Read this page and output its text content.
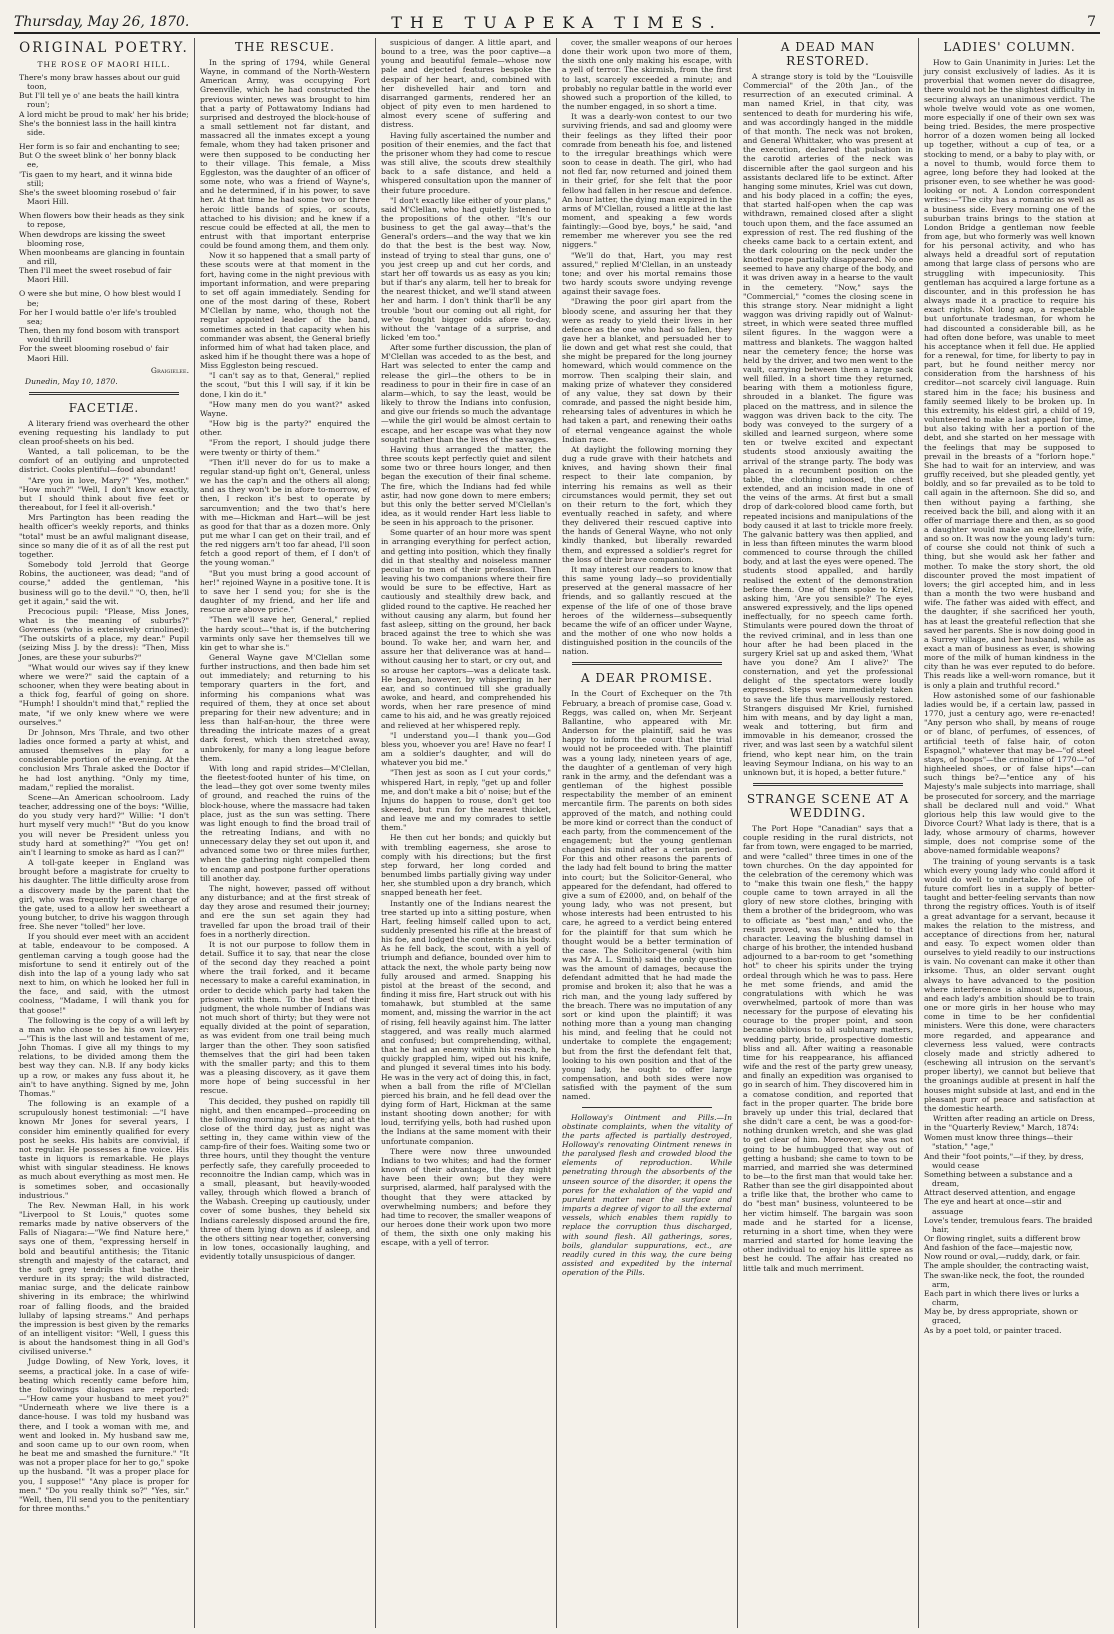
Thursday, May 26, 1870.	THE TUAPEKA TIMES.	7
ORIGINAL POETRY.
THE ROSE OF MAORI HILL.

There's mony braw hasses about our guid toon,

But I'll tell ye o' ane beats the haill kintra roun';

A lord micht be proud to mak' her his bride;

She's the bonniest lass in the haill kintra side.

Her form is so fair and enchanting to see;

But O the sweet blink o' her bonny black ee,

'Tis gaen to my heart, and it winna bide still;

She's the sweet blooming rosebud o' fair Maori Hill.

When flowers bow their heads as they sink to repose,

When dewdrops are kissing the sweet blooming rose,

When moonbeams are glancing in fountain and rill,

Then I'll meet the sweet rosebud of fair Maori Hill.

O were she but mine, O how blest would I be;

For her I would battle o'er life's troubled sea;

Then, then my fond bosom with transport would thrill

For the sweet blooming rosebud o' fair Maori Hill.

Graigielee.
Dunedin, May 10, 1870.
FACETIÆ.

A literary friend was overheard the other evening requesting his landlady to put clean proof-sheets on his bed.

Wanted, a tall policeman, to be the comfort of an outlying and unprotected district. Cooks plentiful—food abundant!

"Are you in love, Mary?" "Yes, mother." "How much?" "Well, I don't know exactly, but I should think about five feet or thereabout, for I feel it all-overish."

Mrs Partington has been reading the health officer's weekly reports, and thinks "total" must be an awful malignant disease, since so many die of it as of all the rest put together.

Somebody told Jerrold that George Robins, the auctioneer, was dead; "and of course," added the gentleman, "his business will go to the devil." "O, then, he'll get it again," said the wit.

Precocious pupil: "Please, Miss Jones, what is the meaning of suburbs?" Governess (who is extensively crinolined): "The outskirts of a place, my dear." Pupil (seizing Miss J. by the dress): "Then, Miss Jones, are these your suburbs?"

"What would our wives say if they knew where we were?" said the captain of a schooner, when they were beating about in a thick fog, fearful of going on shore. "Humph! I shouldn't mind that," replied the mate, "if we only knew where we were ourselves."

Dr Johnson, Mrs Thrale, and two other ladies once formed a party at whist, and amused themselves in play for a considerable portion of the evening. At the conclusion Mrs Thrale asked the Doctor if he had lost anything. "Only my time, madam," replied the moralist.

Scene—An American schoolroom. Lady teacher, addressing one of the boys: "Willie, do you study very hard?" Willie: "I don't hurt myself very much!" "But do you know you will never be President unless you study hard at something?" "You get on! ain't I learning to smoke as hard as I can?"

A toll-gate keeper in England was brought before a magistrate for cruelty to his daughter. The little difficulty arose from a discovery made by the parent that the girl, who was frequently left in charge of the gate, used to a allow her sweetheart a young butcher, to drive his waggon through free. She never "tolled" her love.

If you should ever meet with an accident at table, endeavour to be composed. A gentleman carving a tough goose had the misfortune to send it entirely out of the dish into the lap of a young lady who sat next to him, on which he looked her full in the face, and said, with the utmost coolness, "Madame, I will thank you for that goose!"

The following is the copy of a will left by a man who chose to be his own lawyer:—"This is the last will and testament of me, John Thomas. I give all my things to my relations, to be divided among them the best way they can. N.B. If any body kicks up a row, or makes any fuss about it, he ain't to have anything. Signed by me, John Thomas."

The following is an example of a scrupulously honest testimonial: —"I have known Mr Jones for several years, I consider him eminently qualified for every post he seeks. His habits are convivial, if not regular. He possesses a fine voice. His taste in liquors is remarkable. He plays whist with singular steadiness. He knows as much about everything as most men. He is sometimes sober, and occasionally industrious."

The Rev. Newman Hall, in his work "Liverpool to St Louis," quotes some remarks made by native observers of the Falls of Niagara:—"We find Nature here," says one of them, "expressing herself in bold and beautiful antithesis; the Titanic strength and majesty of the cataract, and the soft grey tendrils that bathe their verdure in its spray; the wild distracted, maniac surge, and the delicate rainbow shivering in its embrace; the whirlwind roar of falling floods, and the braided lullaby of lapsing streams." And perhaps the impression is best given by the remarks of an intelligent visitor: "Well, I guess this is about the handsomest thing in all God's civilised universe."

Judge Dowling, of New York, loves, it seems, a practical joke. In a case of wife-beating which recently came before him, the followings dialogues are reported:—"How came your husband to meet you?" "Underneath where we live there is a dance-house. I was told my husband was there, and I took a woman with me, and went and looked in. My husband saw me, and soon came up to our own room, when he beat me and smashed the furniture." "It was not a proper place for her to go," spoke up the husband. "It was a proper place for you, I suppose!" "Any place is proper for men." "Do you really think so?" "Yes, sir." "Well, then, I'll send you to the penitentiary for three months."

THE RESCUE.

In the spring of 1794, while General Wayne, in command of the North-Western American Army, was occupying Fort Greenville, which he had constructed the previous winter, news was brought to him that a party of Pottawatomy Indians had surprised and destroyed the block-house of a small settlement not far distant, and massacred all the inmates except a young female, whom they had taken prisoner and were then supposed to be conducting her to their village. This female, a Miss Eggleston, was the daughter of an officer of some note, who was a friend of Wayne's, and he determined, if in his power, to save her. At that time he had some two or three heroic little bands of spies, or scouts, attached to his division; and he knew if a rescue could be effected at all, the men to entrust with that important enterprise could be found among them, and them only.

Now it so happened that a small party of these scouts were at that moment in the fort, having come in the night previous with important information, and were preparing to set off again immediately. Sending for one of the most daring of these, Robert M'Clellan by name, who, though not the regular appointed leader of the band, sometimes acted in that capacity when his commander was absent, the General briefly informed him of what had taken place, and asked him if he thought there was a hope of Miss Eggleston being rescued.

"I can't say as to that, General," replied the scout, "but this I will say, if it kin be done, I kin do it."

"How many men do you want?" asked Wayne.

"How big is the party?" enquired the other.

"From the report, I should judge there were twenty or thirty of them."

"Then it'll never do for us to make a regular stand-up fight on't, General, unless we has the cap'n and the others all along; and as they won't be in afore to-morrow, ef then, I reckon it's best to operate by sarcumvention; and the two that's here with me—Hickman and Hart—will be jest as good for that thar as a dozen more. Only put me whar I can get on their trail, and ef the red niggers arn't too far ahead, I'll soon fetch a good report of them, ef I don't of the young woman."

"But you must bring a good account of her!" rejoined Wayne in a positive tone. It is to save her I send you; for she is the daughter of my friend, and her life and rescue are above price."

"Then we'll save her, General," replied the hardy scout—"that is, if the butchering varmints only save her themselves till we kin get to whar she is."

General Wayne gave M'Clellan some further instructions, and then bade him set out immediately; and returning to his temporary quarters in the fort, and informing his companions what was required of them, they at once set about preparing for their new adventure; and in less than half-an-hour, the three were threading the intricate mazes of a great dark forest, which then stretched away, unbrokenly, for many a long league before them.

With long and rapid strides—M'Clellan, the fleetest-footed hunter of his time, on the lead—they got over some twenty miles of ground, and reached the ruins of the block-house, where the massacre had taken place, just as the sun was setting. There was light enough to find the broad trail of the retreating Indians, and with no unnecessary delay they set out upon it, and advanced some two or three miles further, when the gathering night compelled them to encamp and postpone further operations till another day.

The night, however, passed off without any disturbance; and at the first streak of day they arose and resumed their journey; and ere the sun set again they had travelled far upon the broad trail of their foes in a northerly direction.

It is not our purpose to follow them in detail. Suffice it to say, that near the close of the second day they reached a point where the trail forked, and it became necessary to make a careful examination, in order to decide which party had taken the prisoner with them. To the best of their judgment, the whole number of Indians was not much short of thirty; but they were not equally divided at the point of separation, as was evident from one trail being much larger than the other. They soon satisfied themselves that the girl had been taken with the smaller party; and this to them was a pleasing discovery, as it gave them more hope of being successful in her rescue.

This decided, they pushed on rapidly till night, and then encamped—proceeding on the following morning as before; and at the close of the third day, just as night was setting in, they came within view of the camp-fire of their foes. Waiting some two or three hours, until they thought the venture perfectly safe, they carefully proceeded to reconnoitre the Indian camp, which was in a small, pleasant, but heavily-wooded valley, through which flowed a branch of the Wabash. Creeping up cautiously, under cover of some bushes, they beheld six Indians carelessly disposed around the fire, three of them lying down as if asleep, and the others sitting near together, conversing in low tones, occasionally laughing, and evidently totally unsuspicious of danger.

suspicious of danger. A little apart, and bound to a tree, was the poor captive—a young and beautiful female—whose now pale and dejected features bespoke the despair of her heart, and, combined with her dishevelled hair and torn and disarranged garments, rendered her an object of pity even to men hardened to almost every scene of suffering and distress.

Having fully ascertained the number and position of their enemies, and the fact that the prisoner whom they had come to rescue was still alive, the scouts drew stealthily back to a safe distance, and held a whispered consultation upon the manner of their future procedure.

"I don't exactly like either of your plans," said M'Clellan, who had quietly listened to the propositions of the other. "It's our business to get the gal away—that's the General's orders—and the way that we kin do that the best is the best way. Now, instead of trying to steal thar guns, one o' you jest creep up and cut her cords, and start her off towards us as easy as you kin; but if thar's any alarm, tell her to break for the nearest thicket, and we'll stand atween her and harm. I don't think thar'll be any trouble 'bout our coming out all right, for we've fought bigger odds afore to-day, without the 'vantage of a surprise, and licked 'em too."

After some further discussion, the plan of M'Clellan was acceded to as the best, and Hart was selected to enter the camp and release the girl—the others to be in readiness to pour in their fire in case of an alarm—which, to say the least, would be likely to throw the Indians into confusion, and give our friends so much the advantage—while the girl would be almost certain to escape, and her escape was what they now sought rather than the lives of the savages.

Having thus arranged the matter, the three scouts kept perfectly quiet and silent some two or three hours longer, and then began the execution of their final scheme. The fire, which the Indians had fed while astir, had now gone down to mere embers; but this only the better served M'Clellan's idea, as it would render Hart less liable to be seen in his approach to the prisoner.

Some quarter of an hour more was spent in arranging everything for perfect action, and getting into position, which they finally did in that stealthy and noiseless manner peculiar to men of their profession. Then leaving his two companions where their fire would be sure to be effective, Hart as cautiously and stealthily drew back, and glided round to the captive. He reached her without causing any alarm, but found her fast asleep, sitting on the ground, her back braced against the tree to which she was bound. To wake her, and warn her, and assure her that deliverance was at hand—without causing her to start, or cry out, and so arouse her captors—was a delicate task. He began, however, by whispering in her ear, and so continued till she gradually awoke, and heard, and comprehended his words, when her rare presence of mind came to his aid, and he was greatly rejoiced and relieved at her whispered reply.

"I understand you—I thank you—God bless you, whoever you are! Have no fear! I am a soldier's daughter, and will do whatever you bid me."

"Then jest as soon as I cut your cords," whispered Hart, in reply, "get up and foller me, and don't make a bit o' noise; but ef the Injuns do happen to rouse, don't get too skeered, but run for the nearest thicket, and leave me and my comrades to settle them."

He then cut her bonds; and quickly but with trembling eagerness, she arose to comply with his directions; but the first step forward, her long corded and benumbed limbs partially giving way under her, she stumbled upon a dry branch, which snapped beneath her feet.

Instantly one of the Indians nearest the tree started up into a sitting posture, when Hart, feeling himself called upon to act, suddenly presented his rifle at the breast of his foe, and lodged the contents in his body. As he fell back, the scout, with a yell of triumph and defiance, bounded over him to attack the next, the whole party being now fully aroused and armed. Snapping his pistol at the breast of the second, and finding it miss fire, Hart struck out with his tomahawk, but stumbled at the same moment, and, missing the warrior in the act of rising, fell heavily against him. The latter staggered, and was really much alarmed and confused; but comprehending, withal, that he had an enemy within his reach, he quickly grappled him, wiped out his knife, and plunged it several times into his body. He was in the very act of doing this, in fact, when a ball from the rifle of M'Clellan pierced his brain, and he fell dead over the dying form of Hart, Hickman at the same instant shooting down another; for with loud, terrifying yells, both had rushed upon the Indians at the same moment with their unfortunate companion.

There were now three unwounded Indians to two whites; and had the former known of their advantage, the day might have been their own; but they were surprised, alarmed, half paralysed with the thought that they were attacked by overwhelming numbers; and before they had time to recover, the smaller weapons of our heroes done their work upon two more of them, the sixth one only making his escape, with a yell of terror.

cover, the smaller weapons of our heroes done their work upon two more of them, the sixth one only making his escape, with a yell of terror. The skirmish, from the first to last, scarcely exceeded a minute; and probably no regular battle in the world ever showed such a proportion of the killed, to the number engaged, in so short a time.

It was a dearly-won contest to our two surviving friends, and sad and gloomy were their feelings as they lifted their poor comrade from beneath his foe, and listened to the irregular breathings which were soon to cease in death. The girl, who had not fled far, now returned and joined them in their grief, for she felt that the poor fellow had fallen in her rescue and defence. An hour latter, the dying man expired in the arms of M'Clellan, roused a little at the last moment, and speaking a few words faintingly:—Good bye, boys," he said, "and remember me wherever you see the red niggers."

"We'll do that, Hart, you may rest assured," replied M'Clellan, in an unsteady tone; and over his mortal remains those two hardy scouts swore undying revenge against their savage foes.

"Drawing the poor girl apart from the bloody scene, and assuring her that they were as ready to yield their lives in her defence as the one who had so fallen, they gave her a blanket, and persuaded her to lie down and get what rest she could, that she might be prepared for the long journey homeward, which would commence on the morrow. Then scalping their slain, and making prize of whatever they considered of any value, they sat down by their comrade, and passed the night beside him, rehearsing tales of adventures in which he had taken a part, and renewing their oaths of eternal vengeance against the whole Indian race.

At daylight the following morning they dug a rude grave with their hatchets and knives, and having shown their final respect to their late companion, by interring his remains as well as their circumstances would permit, they set out on their return to the fort, which they eventually reached in safety, and where they delivered their rescued captive into the hands of General Wayne, who not only kindly thanked, but liberally rewarded them, and expressed a soldier's regret for the loss of their brave companion.

It may interest our readers to know that this same young lady—so providentially preserved at the general massacre of her friends, and so gallantly rescued at the expense of the life of one of those brave heroes of the wilderness—subsequently became the wife of an officer under Wayne, and the mother of one who now holds a distinguished position in the councils of the nation.

A DEAR PROMISE.

In the Court of Exchequer on the 7th February, a breach of promise case, Goad v. Reggs, was called on, when Mr. Serjeant Ballantine, who appeared with Mr. Anderson for the plaintiff, said he was happy to inform the court that the trial would not be proceeded with. The plaintiff was a young lady, nineteen years of age, the daughter of a gentleman of very high rank in the army, and the defendant was a gentleman of the highest possible respectability the member of an eminent mercantile firm. The parents on both sides approved of the match, and nothing could be more kind or correct than the conduct of each party, from the commencement of the engagement; but the young gentleman changed his mind after a certain period. For this and other reasons the parents of the lady had felt bound to bring the matter into court; but the Solicitor-General, who appeared for the defendant, had offered to give a sum of £2000, and, on behalf of the young lady, who was not present, but whose interests had been entrusted to his care, he agreed to a verdict being entered for the plaintiff for that sum which he thought would be a better termination of the case. The Solicitor-general (with him was Mr A. L. Smith) said the only question was the amount of damages, because the defendant admitted that he had made the promise and broken it; also that he was a rich man, and the young lady suffered by the breach. There was no imputation of any sort or kind upon the plaintiff; it was nothing more than a young man changing his mind, and feeling that he could not undertake to complete the engagement; but from the first the defendant felt that, looking to his own position and that of the young lady, he ought to offer large compensation, and both sides were now satisfied with the payment of the sum named.

Holloway's Ointment and Pills.—In obstinate complaints, when the vitality of the parts affected is partially destroyed, Holloway's renovating Ointment renews in the paralysed flesh and crowded blood the elements of reproduction. While penetrating through the absorbents of the unseen source of the disorder, it opens the pores for the exhalation of the vapid and purulent matter near the surface and imparts a degree of vigor to all the external vessels, which enables them rapidly to replace the corruption thus discharged, with sound flesh. All gatherings, sores, boils, glandular suppurations, ect., are readily cured in this way, the cure being assisted and expedited by the internal operation of the Pills.

A DEAD MAN RESTORED.

A strange story is told by the "Louisville Commercial" of the 20th Jan., of the resurrection of an executed criminal. A man named Kriel, in that city, was sentenced to death for murdering his wife, and was accordingly hanged in the middle of that month. The neck was not broken, and General Whittaker, who was present at the execution, declared that pulsation in the carotid arteries of the neck was discernible after the gaol surgeon and his assistants declared life to be extinct. After hanging some minutes, Kriel was cut down, and his body placed in a coffin; the eyes, that started half-open when the cap was withdrawn, remained closed after a slight touch upon them, and the face assumed an expression of rest. The red flushing of the cheeks came back to a certain extent, and the dark colouring on the neck under the knotted rope partially disappeared. No one seemed to have any charge of the body, and it was driven away in a hearse to the vault in the cemetery. "Now," says the "Commercial," "comes the closing scene in this strange story. Near midnight a light waggon was driving rapidly out of Walnut-street, in which were seated three muffled silent figures. In the waggon were a mattress and blankets. The waggon halted near the cemetery fence; the horse was held by the driver, and two men went to the vault, carrying between them a large sack well filled. In a short time they returned, bearing with them a motionless figure, shrouded in a blanket. The figure was placed on the mattress, and in silence the waggon was driven back to the city. The body was conveyed to the surgery of a skilled and learned surgeon, where some ten or twelve excited and expectant students stood anxiously awaiting the arrival of the strange party. The body was placed in a recumbent position on the table, the clothing unloosed, the chest extended, and an incision made in one of the veins of the arms. At first but a small drop of dark-colored blood came forth, but repeated incisions and manipulations of the body caused it at last to trickle more freely. The galvanic battery was then applied, and in less than fifteen minutes the warm blood commenced to course through the chilled body, and at last the eyes were opened. The students stood appalled, and hardly realised the extent of the demonstration before them. One of them spoke to Kriel, asking him, 'Are you sensible?' The eyes answered expressively, and the lips opened ineffectually, for no speech came forth. Stimulants were poured down the throat of the revived criminal, and in less than one hour after he had been placed in the surgery Kriel sat up and asked them, 'What have you done? Am I alive?' The consternation, and yet the professional delight of the spectators were loudly expressed. Steps were immediately taken to save the life thus marvellously restored. Strangers disguised Mr Kriel, furnished him with means, and by day light a man, weak and tottering, but firm and immovable in his demeanor, crossed the river, and was last seen by a watchful silent friend, who kept near him, on the train leaving Seymour Indiana, on his way to an unknown but, it is hoped, a better future."

STRANGE SCENE AT A WEDDING.

The Port Hope "Canadian" says that a couple residing in the rural districts, not far from town, were engaged to be married, and were "called" three times in one of the town churches. On the day appointed for the celebration of the ceremony which was to "make this twain one flesh," the happy couple came to town arrayed in all the glory of new store clothes, bringing with them a brother of the bridegroom, who was to officiate as "best man," and who, the result proved, was fully entitled to that character. Leaving the blushing damsel in charge of his brother, the intended husband adjourned to a bar-room to get "something hot" to cheer his spirits under the trying ordeal through which he was to pass. Here he met some friends, and amid the congratulations with which he was overwhelmed, partook of more than was necessary for the purpose of elevating his courage to the proper point, and soon became oblivious to all sublunary matters, wedding party, bride, prospective domestic bliss and all. After waiting a reasonable time for his reappearance, his affianced wife and the rest of the party grew uneasy, and finally an expedition was organised to go in search of him. They discovered him in a comatose condition, and reported that fact in the proper quarter. The bride bore bravely up under this trial, declared that she didn't care a cent, be was a good-for-nothing drunken wretch, and she was glad to get clear of him. Moreover, she was not going to be humbugged that way out of getting a husband; she came to town to be married, and married she was determined to be—to the first man that would take her. Rather than see the girl disappointed about a trifle like that, the brother who came to do "best man" business, volunteered to be her victim himself. The bargain was soon made and he started for a license, returning in a short time, when they were married and started for home leaving the other individual to enjoy his little spree as best he could. The affair has created no little talk and much merriment.

LADIES' COLUMN.

How to Gain Unanimity in Juries: Let the jury consist exclusively of ladies. As it is proverbial that women never do disagree, there would not be the slightest difficulty in securing always an unanimous verdict. The whole twelve would vote as one women, more especially if one of their own sex was being tried. Besides, the mere prospective horror of a dozen women being all locked up together, without a cup of tea, or a stocking to mend, or a baby to play with, or a novel to thumb, would force them to agree, long before they had looked at the prisoner even, to see whether he was good-looking or not. A London correspondent writes:—"The city has a romantic as well as a business side. Every morning one of the suburban trains brings to the station at London Bridge a gentleman now feeble from age, but who formerly was well known for his personal activity, and who has always held a dreadful sort of reputation among that large class of persons who are struggling with impecuniosity. This gentleman has acquired a large fortune as a discounter, and in this profession he has always made it a practice to require his exact rights. Not long ago, a respectable but unfortunate tradesman, for whom he had discounted a considerable bill, as he had often done before, was unable to meet his acceptance when it fell due. He applied for a renewal, for time, for liberty to pay in part, but he found neither mercy nor consideration from the harshness of his creditor—not scarcely civil language. Ruin stared him in the face; his business and family seemed likely to be broken up. In this extremity, his eldest girl, a child of 19, volunteered to make a last appeal for time, but also taking with her a portion of the debt, and she started on her message with the feelings that may be supposed to prevail in the breasts of a "forlorn hope." She had to wait for an interview, and was gruffly received, but she pleaded gently, yet boldly, and so far prevailed as to be told to call again in the afternoon. She did so, and then without paying a farthing, she received back the bill, and along with it an offer of marriage there and then, as so good a daughter would make an excellent wife, and so on. It was now the young lady's turn: of course she could not think of such a thing, but she would ask her father and mother. To make the story short, the old discounter proved the most impatient of lovers; the girl accepted him, and in less than a month the two were husband and wife. The father was aided with effect, and the daughter, if she sacrificed her youth, has at least the greateful reflection that she saved her parents. She is now doing good in a Surrey village, and her husband, while as exact a man of business as ever, is showing more of the milk of human kindness in the city than he was ever reputed to do before. This reads like a well-worn romance, but it is only a plain and truthful record."

How astonished some of our fashionable ladies would be, if a certain law, passed in 1770, just a century ago, were re-enacted! "Any person who shall, by means of rouge or of blanc, of perfumes, of essences, of artificial teeth of false hair, of coton Espagnol," whatever that may be—"of steel stays, of hoops"—the crinoline of 1770—"of highheeled shoes, or of false hips"—can such things be?—"entice any of his Majesty's male subjects into marriage, shall be prosecuted for sorcery, and the marriage shall be declared null and void." What glorious help this law would give to the Divorce Court? What lady is there, that is a lady, whose armoury of charms, however simple, does not comprise some of the above-named formidable weapons?

The training of young servants is a task which every young lady who could afford it would do well to undertake. The hope of future comfort lies in a supply of better-taught and better-feeling servants than now throng the registry offices. Youth is of itself a great advantage for a servant, because it makes the relation to the mistress, and acceptance of directions from her, natural and easy. To expect women older than ourselves to yield readily to our instructions is vain. No covenant can make it other than irksome. Thus, an older servant ought always to have advanced to the position where interference is almost superfluous, and each lady's ambition should be to train one or more girls in her house who may come in time to be her confidential ministers. Were this done, were characters more regarded, and appearance and cleverness less valued, were contracts closely made and strictly adhered to (eschewing all intrusion on the servant's proper liberty), we cannot but believe that the groanings audible at present in half the houses might subside at last, and end in the pleasant purr of peace and satisfaction at the domestic hearth.

Written after reading an article on Dress, in the "Quarterly Review," March, 1874:

Women must know three things—their "station," "age,"

And their "foot points,"—if they, by dress, would cease

Something between a substance and a dream,

Attract deserved attention, and engage

The eye and heart at once—stir and assuage

Love's tender, tremulous fears. The braided hair,

Or flowing ringlet, suits a different brow

And fashion of the face—majestic now,

Now round or oval,—ruddy, dark, or fair.

The ample shoulder, the contracting waist,

The swan-like neck, the foot, the rounded arm,

Each part in which there lives or lurks a charm,

May be, by dress appropriate, shown or graced,

As by a poet told, or painter traced.
